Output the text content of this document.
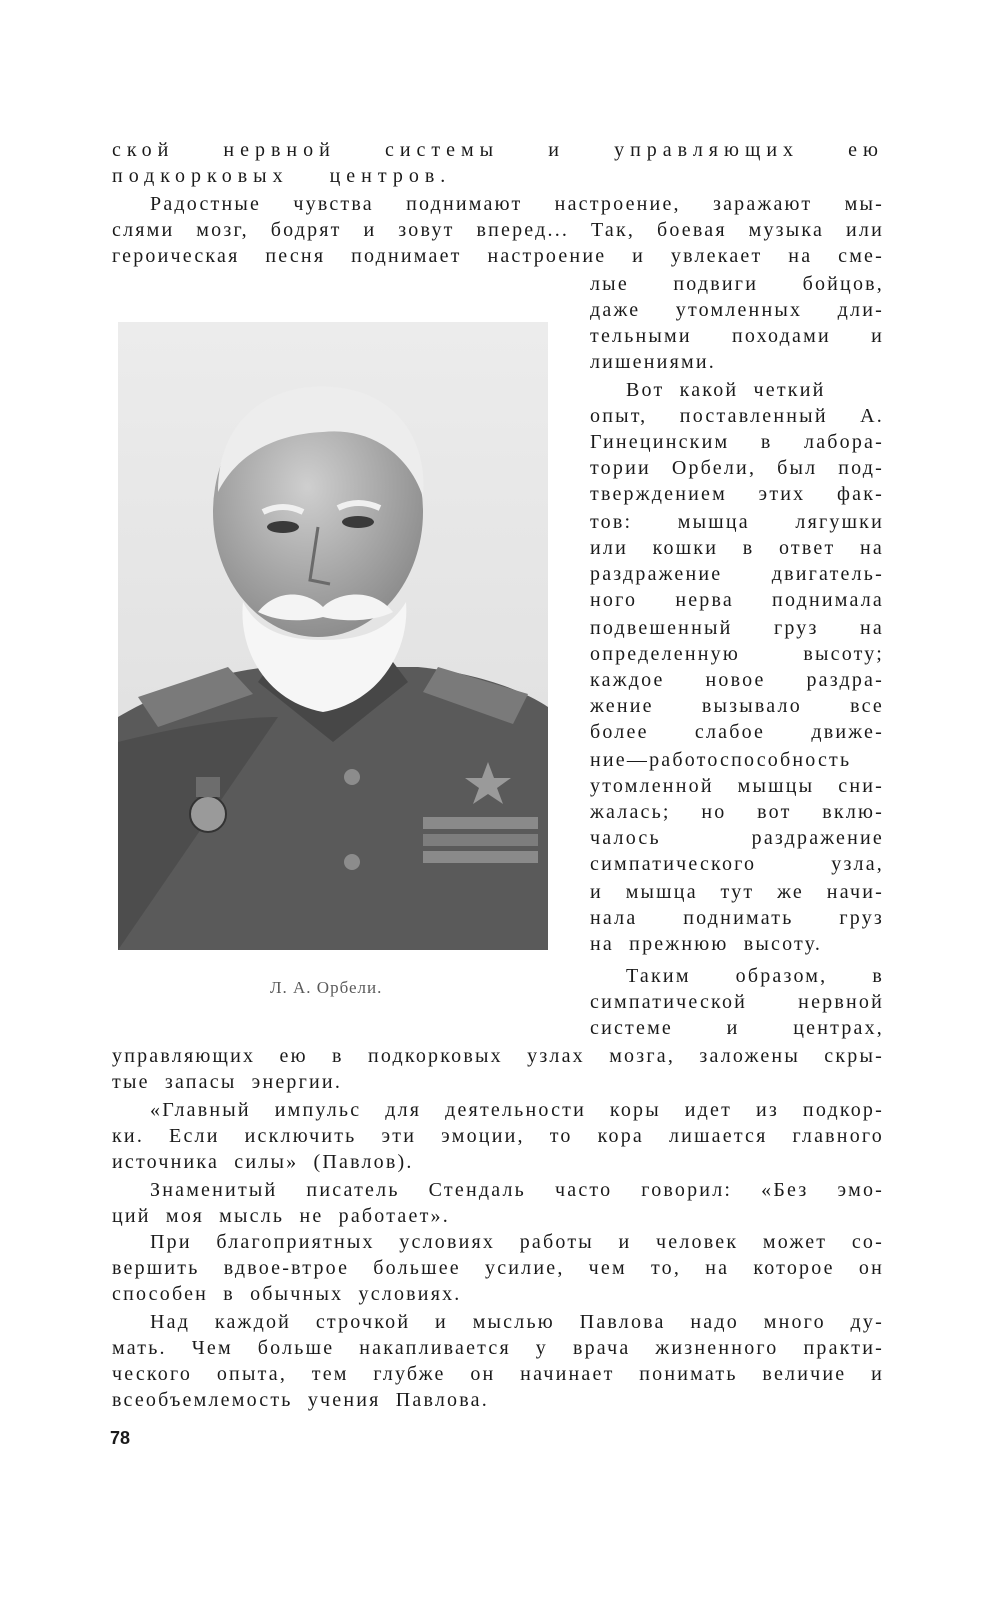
ской нервной системы и управляющих ею
подкорковых центров.
Радостные чувства поднимают настроение, заражают мы-
слями мозг, бодрят и зовут вперед... Так, боевая музыка или
героическая песня поднимает настроение и увлекает на сме-
лые подвиги бойцов,
даже утомленных дли-
тельными походами и
лишениями.
Вот какой четкий
опыт, поставленный А.
Гинецинским в лабора-
тории Орбели, был под-
тверждением этих фак-
тов: мышца лягушки
или кошки в ответ на
раздражение двигатель-
ного нерва поднимала
подвешенный груз на
определенную высоту;
каждое новое раздра-
жение вызывало все
более слабое движе-
ние—работоспособность
утомленной мышцы сни-
жалась; но вот вклю-
чалось раздражение
симпатического узла,
и мышца тут же начи-
нала поднимать груз
на прежнюю высоту.
Таким образом, в
симпатической нервной
системе и центрах,
управляющих ею в подкорковых узлах мозга, заложены скры-
тые запасы энергии.
«Главный импульс для деятельности коры идет из подкор-
ки. Если исключить эти эмоции, то кора лишается главного
источника силы» (Павлов).
Знаменитый писатель Стендаль часто говорил: «Без эмо-
ций моя мысль не работает».
При благоприятных условиях работы и человек может со-
вершить вдвое-втрое большее усилие, чем то, на которое он
способен в обычных условиях.
Над каждой строчкой и мыслью Павлова надо много ду-
мать. Чем больше накапливается у врача жизненного практи-
ческого опыта, тем глубже он начинает понимать величие и
всеобъемлемость учения Павлова.
Л. А. Орбели.
78
